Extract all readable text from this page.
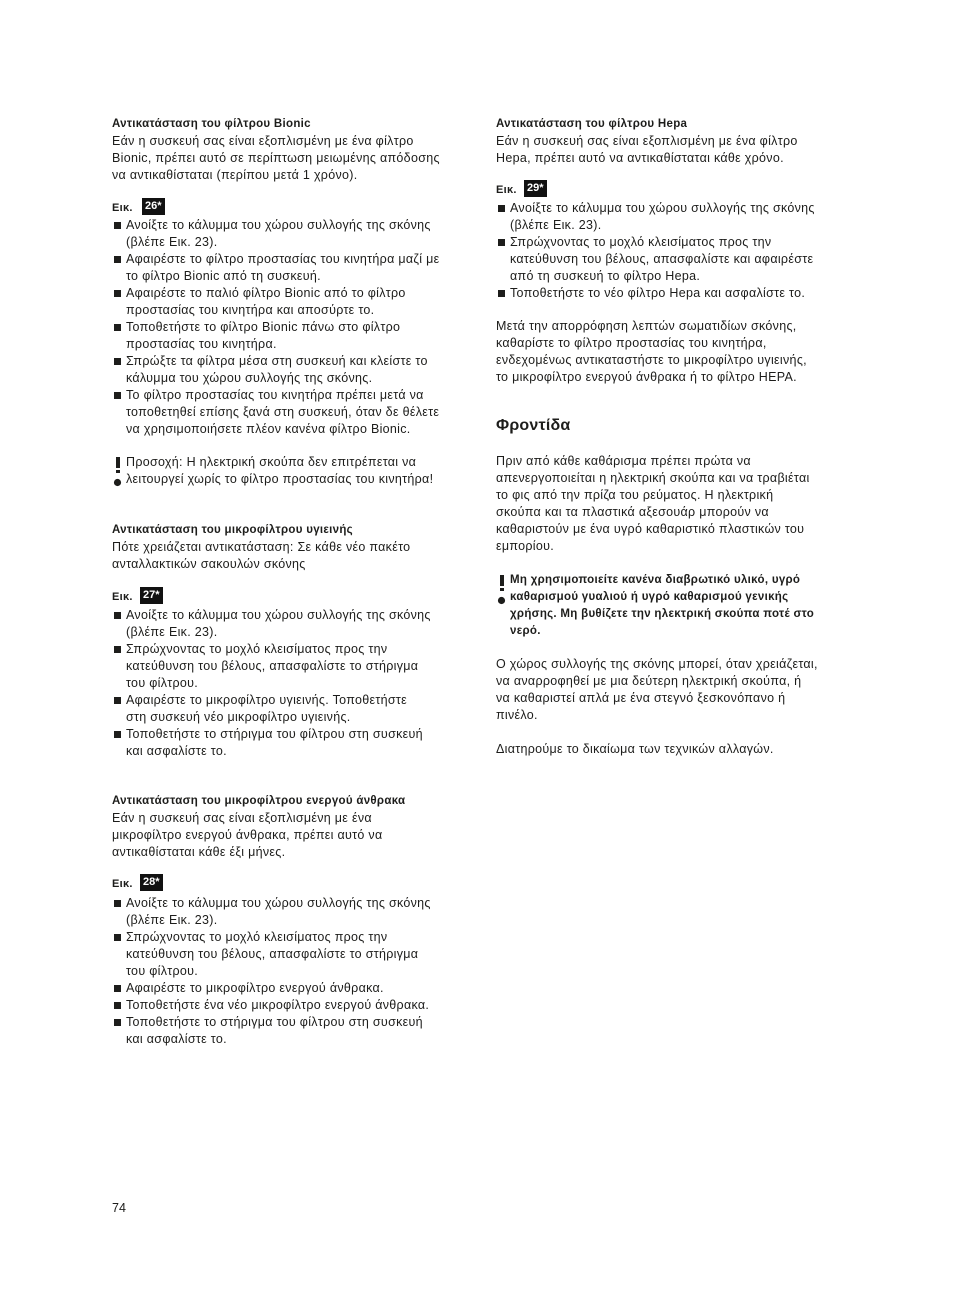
Αντικατάσταση του φίλτρου Bionic
Εάν η συσκευή σας είναι εξοπλισμένη με ένα φίλτρο
Bionic, πρέπει αυτό σε περίπτωση μειωμένης απόδοσης
να αντικαθίσταται (περίπου μετά 1 χρόνο).
Εικ. 26*
Ανοίξτε το κάλυμμα του χώρου συλλογής της σκόνης
(βλέπε Εικ. 23).
Αφαιρέστε το φίλτρο προστασίας του κινητήρα μαζί με
το φίλτρο Bionic από τη συσκευή.
Αφαιρέστε το παλιό φίλτρο Bionic από το φίλτρο
προστασίας του κινητήρα και αποσύρτε το.
Τοποθετήστε το φίλτρο Bionic πάνω στο φίλτρο
προστασίας του κινητήρα.
Σπρώξτε τα φίλτρα μέσα στη συσκευή και κλείστε το
κάλυμμα του χώρου συλλογής της σκόνης.
Το φίλτρο προστασίας του κινητήρα πρέπει μετά να
τοποθετηθεί επίσης ξανά στη συσκευή, όταν δε θέλετε
να χρησιμοποιήσετε πλέον κανένα φίλτρο Bionic.
Προσοχή: Η ηλεκτρική σκούπα δεν επιτρέπεται να
λειτουργεί χωρίς το φίλτρο προστασίας του κινητήρα!
Αντικατάσταση του μικροφίλτρου υγιεινής
Πότε χρειάζεται αντικατάσταση: Σε κάθε νέο πακέτο
ανταλλακτικών σακουλών σκόνης
Εικ. 27*
Ανοίξτε το κάλυμμα του χώρου συλλογής της σκόνης
(βλέπε Εικ. 23).
Σπρώχνοντας το μοχλό κλεισίματος προς την
κατεύθυνση του βέλους, απασφαλίστε το στήριγμα
του φίλτρου.
Αφαιρέστε το μικροφίλτρο υγιεινής. Τοποθετήστε
στη συσκευή νέο μικροφίλτρο υγιεινής.
Τοποθετήστε το στήριγμα του φίλτρου στη συσκευή
και ασφαλίστε το.
Αντικατάσταση του μικροφίλτρου ενεργού άνθρακα
Εάν η συσκευή σας είναι εξοπλισμένη με ένα
μικροφίλτρο ενεργού άνθρακα, πρέπει αυτό να
αντικαθίσταται κάθε έξι μήνες.
Εικ. 28*
Ανοίξτε το κάλυμμα του χώρου συλλογής της σκόνης
(βλέπε Εικ. 23).
Σπρώχνοντας το μοχλό κλεισίματος προς την
κατεύθυνση του βέλους, απασφαλίστε το στήριγμα
του φίλτρου.
Αφαιρέστε το μικροφίλτρο ενεργού άνθρακα.
Τοποθετήστε ένα νέο μικροφίλτρο ενεργού άνθρακα.
Τοποθετήστε το στήριγμα του φίλτρου στη συσκευή
και ασφαλίστε το.
74
Αντικατάσταση του φίλτρου Hepa
Εάν η συσκευή σας είναι εξοπλισμένη με ένα φίλτρο
Hepa, πρέπει αυτό να αντικαθίσταται κάθε χρόνο.
Εικ. 29*
Ανοίξτε το κάλυμμα του χώρου συλλογής της σκόνης
(βλέπε Εικ. 23).
Σπρώχνοντας το μοχλό κλεισίματος προς την
κατεύθυνση του βέλους, απασφαλίστε και αφαιρέστε
από τη συσκευή το φίλτρο Hepa.
Τοποθετήστε το νέο φίλτρο Hepa και ασφαλίστε το.
Μετά την απορρόφηση λεπτών σωματιδίων σκόνης,
καθαρίστε το φίλτρο προστασίας του κινητήρα,
ενδεχομένως αντικαταστήστε το μικροφίλτρο υγιεινής,
το μικροφίλτρο ενεργού άνθρακα ή το φίλτρο HEPA.
Φροντίδα
Πριν από κάθε καθάρισμα πρέπει πρώτα να
απενεργοποιείται η ηλεκτρική σκούπα και να τραβιέται
το φις από την πρίζα του ρεύματος. Η ηλεκτρική
σκούπα και τα πλαστικά αξεσουάρ μπορούν να
καθαριστούν με ένα υγρό καθαριστικό πλαστικών του
εμπορίου.
Μη χρησιμοποιείτε κανένα διαβρωτικό υλικό, υγρό
καθαρισμού γυαλιού ή υγρό καθαρισμού γενικής
χρήσης. Μη βυθίζετε την ηλεκτρική σκούπα ποτέ στο
νερό.
Ο χώρος συλλογής της σκόνης μπορεί, όταν χρειάζεται,
να αναρροφηθεί με μια δεύτερη ηλεκτρική σκούπα, ή
να καθαριστεί απλά με ένα στεγνό ξεσκονόπανο ή
πινέλο.
Διατηρούμε το δικαίωμα των τεχνικών αλλαγών.
